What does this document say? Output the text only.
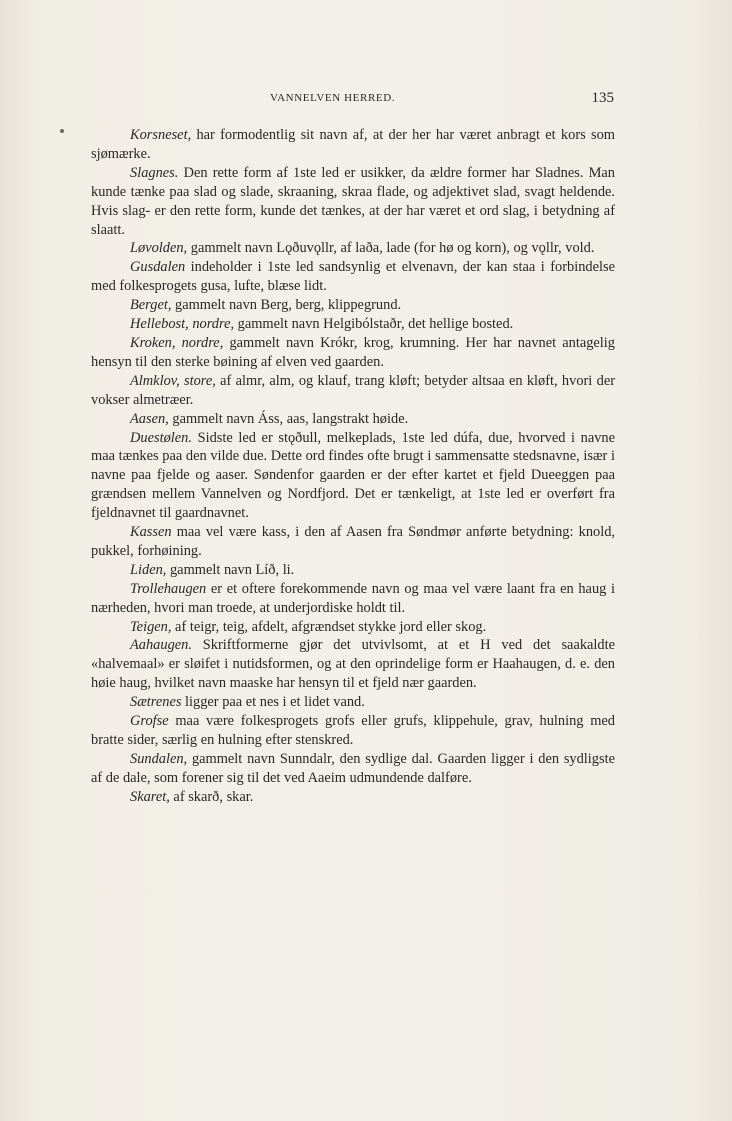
VANNELVEN HERRED.	135

Korsneset, har formodentlig sit navn af, at der her har været anbragt et kors som sjømærke.

Slagnes. Den rette form af 1ste led er usikker, da ældre former har Sladnes. Man kunde tænke paa slad og slade, skraaning, skraa flade, og adjektivet slad, svagt heldende. Hvis slag- er den rette form, kunde det tænkes, at der har været et ord slag, i betydning af slaatt.

Løvolden, gammelt navn Lǫðuvǫllr, af laða, lade (for hø og korn), og vǫllr, vold.

Gusdalen indeholder i 1ste led sandsynlig et elvenavn, der kan staa i forbindelse med folkesprogets gusa, lufte, blæse lidt.

Berget, gammelt navn Berg, berg, klippegrund.

Hellebost, nordre, gammelt navn Helgibólstaðr, det hellige bosted.

Kroken, nordre, gammelt navn Krókr, krog, krumning. Her har navnet antagelig hensyn til den sterke bøining af elven ved gaarden.

Almklov, store, af almr, alm, og klauf, trang kløft; betyder altsaa en kløft, hvori der vokser almetræer.

Aasen, gammelt navn Áss, aas, langstrakt høide.

Duestølen. Sidste led er stǫðull, melkeplads, 1ste led dúfa, due, hvorved i navne maa tænkes paa den vilde due. Dette ord findes ofte brugt i sammensatte stedsnavne, især i navne paa fjelde og aaser. Søndenfor gaarden er der efter kartet et fjeld Dueeggen paa grændsen mellem Vannelven og Nordfjord. Det er tænkeligt, at 1ste led er overført fra fjeldnavnet til gaardnavnet.

Kassen maa vel være kass, i den af Aasen fra Søndmør anførte betydning: knold, pukkel, forhøining.

Liden, gammelt navn Líð, li.

Trollehaugen er et oftere forekommende navn og maa vel være laant fra en haug i nærheden, hvori man troede, at underjordiske holdt til.

Teigen, af teigr, teig, afdelt, afgrændset stykke jord eller skog.

Aahaugen. Skriftformerne gjør det utvivlsomt, at et H ved det saakaldte «halvemaal» er sløifet i nutidsformen, og at den oprindelige form er Haahaugen, d. e. den høie haug, hvilket navn maaske har hensyn til et fjeld nær gaarden.

Sætrenes ligger paa et nes i et lidet vand.

Grofse maa være folkesprogets grofs eller grufs, klippehule, grav, hulning med bratte sider, særlig en hulning efter stenskred.

Sundalen, gammelt navn Sunndalr, den sydlige dal. Gaarden ligger i den sydligste af de dale, som forener sig til det ved Aaeim udmundende dalføre.

Skaret, af skarð, skar.
